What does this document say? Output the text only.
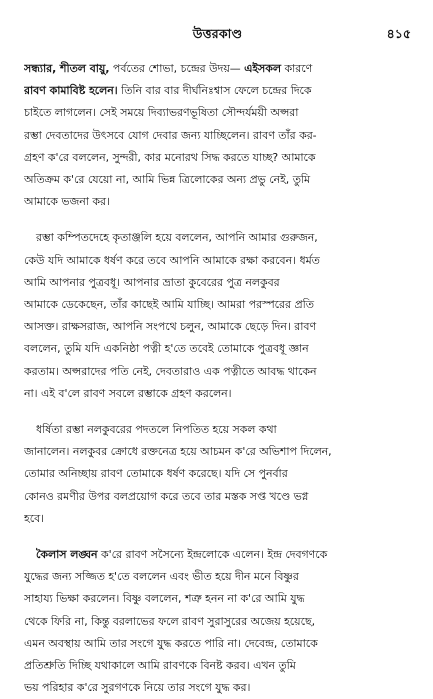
উত্তরকাণ্ড	৪১৫
সন্ধ্যার, শীতল বায়ু, পর্বতের শোভা, চন্দ্রের উদয়— এইসকল কারণে
রাবণ কামাবিষ্ট হলেন। তিনি বার বার দীর্ঘনিঃশ্বাস ফেলে চন্দ্রের দিকে
চাইতে লাগলেন। সেই সময়ে দিব্যাভরণভূষিতা সৌন্দর্যময়ী অপ্সরা
রম্ভা দেবতাদের উৎসবে যোগ দেবার জন্য যাচ্ছিলেন। রাবণ তাঁর কর-
গ্রহণ ক'রে বললেন, সুন্দরী, কার মনোরথ সিদ্ধ করতে যাচ্ছ? আমাকে
অতিক্রম ক'রে যেয়ো না, আমি ভিন্ন ত্রিলোকের অন্য প্রভু নেই, তুমি
আমাকে ভজনা কর।
রম্ভা কম্পিতদেহে কৃতাঞ্জলি হয়ে বললেন, আপনি আমার গুরুজন,
কেউ যদি আমাকে ধর্ষণ করে তবে আপনি আমাকে রক্ষা করবেন। ধর্মত
আমি আপনার পুত্রবধূ। আপনার ভ্রাতা কুবেরের পুত্র নলকুবর
আমাকে ডেকেছেন, তাঁর কাছেই আমি যাচ্ছি। আমরা পরস্পরের প্রতি
আসক্ত। রাক্ষসরাজ, আপনি সংপথে চলুন, আমাকে ছেড়ে দিন। রাবণ
বললেন, তুমি যদি একনিষ্ঠা পত্নী হ'তে তবেই তোমাকে পুত্রবধূ জ্ঞান
করতাম। অপ্সরাদের পতি নেই, দেবতারাও এক পত্নীতে আবদ্ধ থাকেন
না। এই ব'লে রাবণ সবলে রম্ভাকে গ্রহণ করলেন।
ধর্ষিতা রম্ভা নলকুবরের পদতলে নিপতিত হয়ে সকল কথা
জানালেন। নলকুবর ক্রোধে রক্তনেত্র হয়ে আচমন ক'রে অভিশাপ দিলেন,
তোমার অনিচ্ছায় রাবণ তোমাকে ধর্ষণ করেছে। যদি সে পুনর্বার
কোনও রমণীর উপর বলপ্রয়োগ করে তবে তার মস্তক সপ্ত খণ্ডে ভগ্ন
হবে।
কৈলাস লঙ্ঘন ক'রে রাবণ সসৈন্যে ইন্দ্রলোকে এলেন। ইন্দ্র দেবগণকে
যুদ্ধের জন্য সজ্জিত হ'তে বললেন এবং ভীত হয়ে দীন মনে বিষ্ণুর
সাহায্য ভিক্ষা করলেন। বিষ্ণু বললেন, শত্রু হনন না ক'রে আমি যুদ্ধ
থেকে ফিরি না, কিন্তু বরলাভের ফলে রাবণ সুরাসুরের অজেয় হয়েছে,
এমন অবস্থায় আমি তার সংগে যুদ্ধ করতে পারি না। দেবেন্দ্র, তোমাকে
প্রতিশ্রুতি দিচ্ছি যথাকালে আমি রাবণকে বিনষ্ট করব। এখন তুমি
ভয় পরিহার ক'রে সুরগণকে নিয়ে তার সংগে যুদ্ধ কর।
